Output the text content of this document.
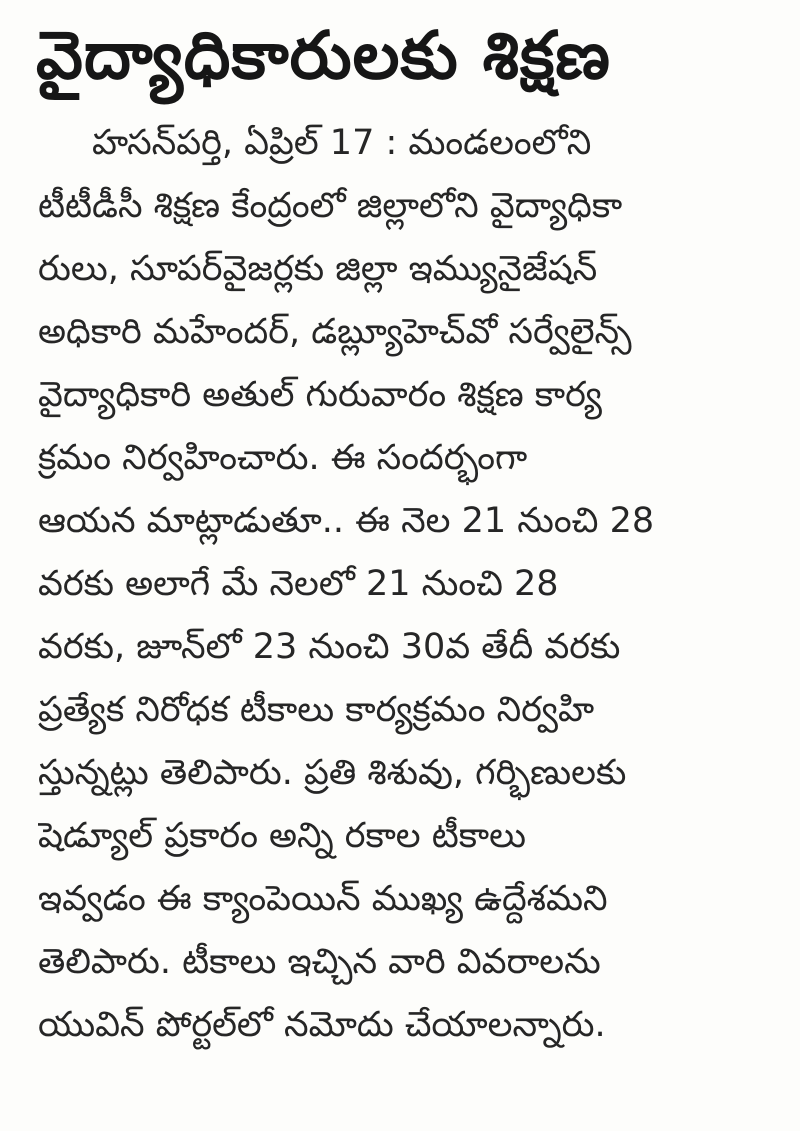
వైద్యాధికారులకు శిక్షణ
హసన్‌పర్తి, ఏప్రిల్ 17 : మండలంలోని
టీటీడీసీ శిక్షణ కేంద్రంలో జిల్లాలోని వైద్యాధికా
రులు, సూపర్‌వైజర్లకు జిల్లా ఇమ్యునైజేషన్
అధికారి మహేందర్, డబ్ల్యూహెచ్‌వో సర్వేలైన్స్
వైద్యాధికారి అతుల్ గురువారం శిక్షణ కార్య
క్రమం నిర్వహించారు. ఈ సందర్భంగా
ఆయన మాట్లాడుతూ.. ఈ నెల 21 నుంచి 28
వరకు అలాగే మే నెలలో 21 నుంచి 28
వరకు, జూన్‌లో 23 నుంచి 30వ తేదీ వరకు
ప్రత్యేక నిరోధక టీకాలు కార్యక్రమం నిర్వహి
స్తున్నట్లు తెలిపారు. ప్రతి శిశువు, గర్భిణులకు
షెడ్యూల్ ప్రకారం అన్ని రకాల టీకాలు
ఇవ్వడం ఈ క్యాంపెయిన్ ముఖ్య ఉద్దేశమని
తెలిపారు. టీకాలు ఇచ్చిన వారి వివరాలను
యువిన్ పోర్టల్‌లో నమోదు చేయాలన్నారు.
